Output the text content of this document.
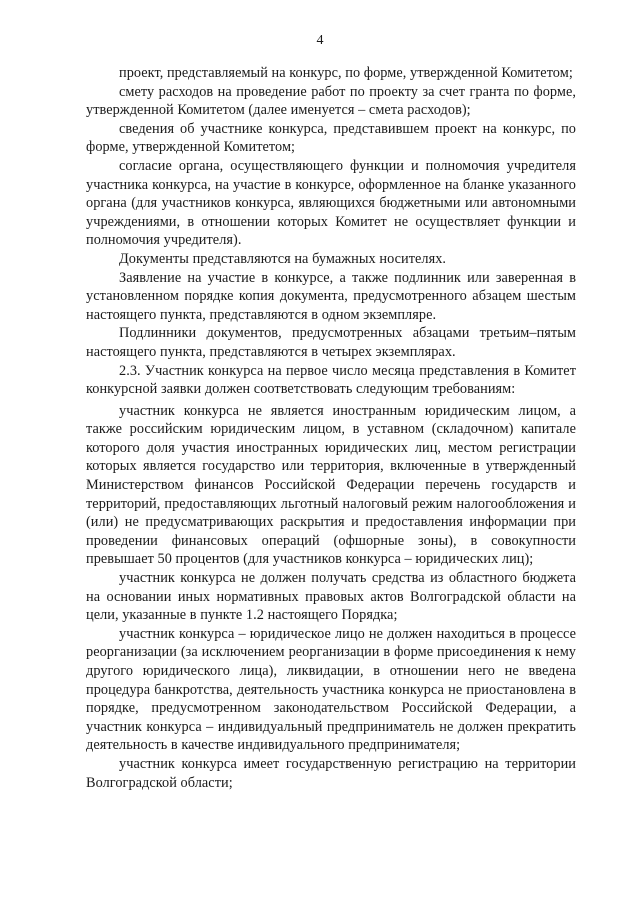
4

проект, представляемый на конкурс, по форме, утвержденной Комитетом;

смету расходов на проведение работ по проекту за счет гранта по форме, утвержденной Комитетом (далее именуется – смета расходов);

сведения об участнике конкурса, представившем проект на конкурс, по форме, утвержденной Комитетом;

согласие органа, осуществляющего функции и полномочия учредителя участника конкурса, на участие в конкурсе, оформленное на бланке указанного органа (для участников конкурса, являющихся бюджетными или автономными учреждениями, в отношении которых Комитет не осуществляет функции и полномочия учредителя).

Документы представляются на бумажных носителях.

Заявление на участие в конкурсе, а также подлинник или заверенная в установленном порядке копия документа, предусмотренного абзацем шестым настоящего пункта, представляются в одном экземпляре.

Подлинники документов, предусмотренных абзацами третьим–пятым настоящего пункта, представляются в четырех экземплярах.

2.3. Участник конкурса на первое число месяца представления в Комитет конкурсной заявки должен соответствовать следующим требованиям:

участник конкурса не является иностранным юридическим лицом, а также российским юридическим лицом, в уставном (складочном) капитале которого доля участия иностранных юридических лиц, местом регистрации которых является государство или территория, включенные в утвержденный Министерством финансов Российской Федерации перечень государств и территорий, предоставляющих льготный налоговый режим налогообложения и (или) не предусматривающих раскрытия и предоставления информации при проведении финансовых операций (офшорные зоны), в совокупности превышает 50 процентов (для участников конкурса – юридических лиц);

участник конкурса не должен получать средства из областного бюджета на основании иных нормативных правовых актов Волгоградской области на цели, указанные в пункте 1.2 настоящего Порядка;

участник конкурса – юридическое лицо не должен находиться в процессе реорганизации (за исключением реорганизации в форме присоединения к нему другого юридического лица), ликвидации, в отношении него не введена процедура банкротства, деятельность участника конкурса не приостановлена в порядке, предусмотренном законодательством Российской Федерации, а участник конкурса – индивидуальный предприниматель не должен прекратить деятельность в качестве индивидуального предпринимателя;

участник конкурса имеет государственную регистрацию на территории Волгоградской области;
